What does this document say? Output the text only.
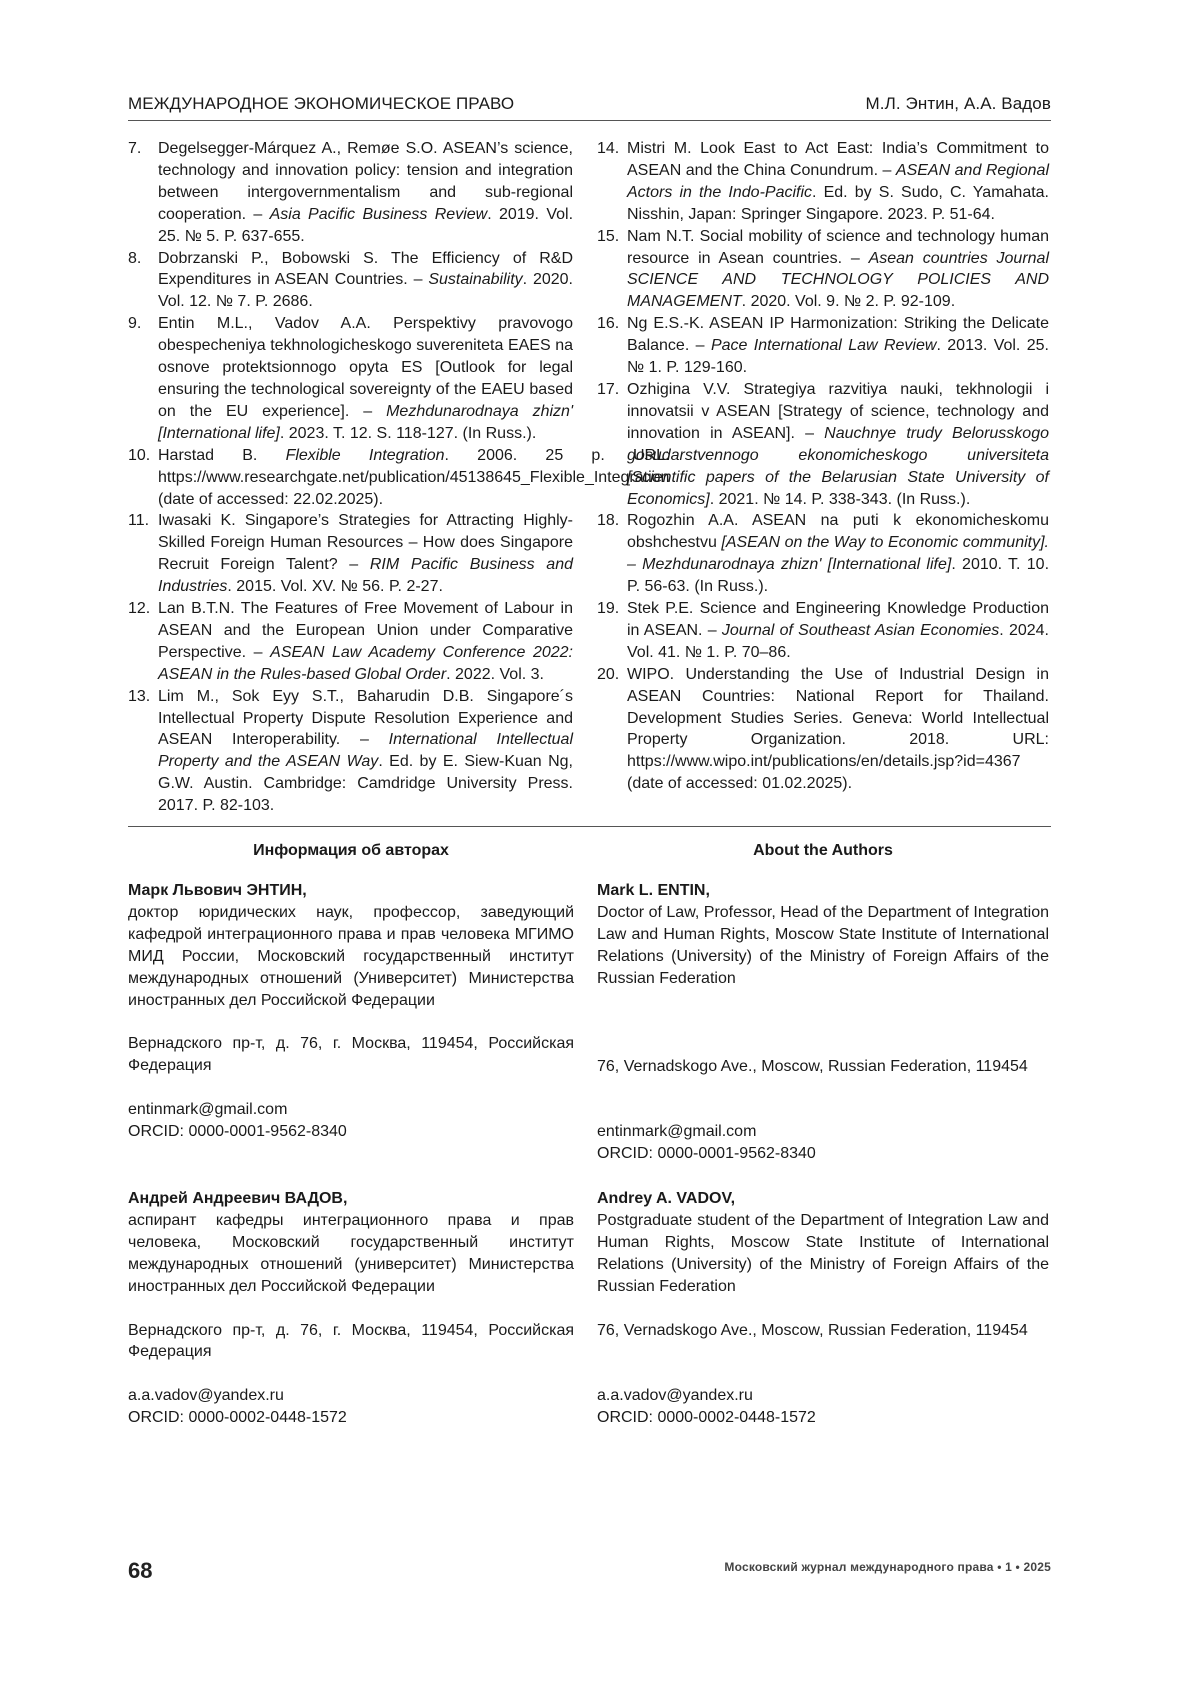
МЕЖДУНАРОДНОЕ ЭКОНОМИЧЕСКОЕ ПРАВО	М.Л. Энтин, А.А. Вадов
7.	Degelsegger-Márquez A., Remøe S.O. ASEAN’s science, technology and innovation policy: tension and integration between intergovernmentalism and sub-regional cooperation. – Asia Pacific Business Review. 2019. Vol. 25. № 5. P. 637-655.
8.	Dobrzanski P., Bobowski S. The Efficiency of R&D Expenditures in ASEAN Countries. – Sustainability. 2020. Vol. 12. № 7. P. 2686.
9.	Entin M.L., Vadov A.A. Perspektivy pravovogo obespecheniya tekhnologicheskogo suvereniteta EAES na osnove protektsionnogo opyta ES [Outlook for legal ensuring the technological sovereignty of the EAEU based on the EU experience]. – Mezhdunarodnaya zhizn' [International life]. 2023. T. 12. S. 118-127. (In Russ.).
10. Harstad B. Flexible Integration. 2006. 25 p. URL: https://www.researchgate.net/publication/45138645_Flexible_Integration (date of accessed: 22.02.2025).
11. Iwasaki K. Singapore’s Strategies for Attracting Highly-Skilled Foreign Human Resources – How does Singapore Recruit Foreign Talent? – RIM Pacific Business and Industries. 2015. Vol. XV. № 56. P. 2-27.
12. Lan B.T.N. The Features of Free Movement of Labour in ASEAN and the European Union under Comparative Perspective. – ASEAN Law Academy Conference 2022: ASEAN in the Rules-based Global Order. 2022. Vol. 3.
13. Lim M., Sok Eyy S.T., Baharudin D.B. Singapore´s Intellectual Property Dispute Resolution Experience and ASEAN Interoperability. – International Intellectual Property and the ASEAN Way. Ed. by E. Siew-Kuan Ng, G.W. Austin. Cambridge: Camdridge University Press. 2017. P. 82-103.
14. Mistri M. Look East to Act East: India’s Commitment to ASEAN and the China Conundrum. – ASEAN and Regional Actors in the Indo-Pacific. Ed. by S. Sudo, C. Yamahata. Nisshin, Japan: Springer Singapore. 2023. P. 51-64.
15. Nam N.T. Social mobility of science and technology human resource in Asean countries. – Asean countries Journal SCIENCE AND TECHNOLOGY POLICIES AND MANAGEMENT. 2020. Vol. 9. № 2. P. 92-109.
16. Ng E.S.-K. ASEAN IP Harmonization: Striking the Delicate Balance. – Pace International Law Review. 2013. Vol. 25. № 1. P. 129-160.
17. Ozhigina V.V. Strategiya razvitiya nauki, tekhnologii i innovatsii v ASEAN [Strategy of science, technology and innovation in ASEAN]. – Nauchnye trudy Belorusskogo gosudarstvennogo ekonomicheskogo universiteta [Scientific papers of the Belarusian State University of Economics]. 2021. № 14. P. 338-343. (In Russ.).
18. Rogozhin A.A. ASEAN na puti k ekonomicheskomu obshchestvu [ASEAN on the Way to Economic community]. – Mezhdunarodnaya zhizn' [International life]. 2010. T. 10. P. 56-63. (In Russ.).
19. Stek P.E. Science and Engineering Knowledge Production in ASEAN. – Journal of Southeast Asian Economies. 2024. Vol. 41. № 1. P. 70–86.
20. WIPO. Understanding the Use of Industrial Design in ASEAN Countries: National Report for Thailand. Development Studies Series. Geneva: World Intellectual Property Organization. 2018. URL: https://www.wipo.int/publications/en/details.jsp?id=4367 (date of accessed: 01.02.2025).
Информация об авторах
Марк Львович ЭНТИН,
доктор юридических наук, профессор, заведующий кафедрой интеграционного права и прав человека МГИМО МИД России, Московский государственный институт международных отношений (Университет) Министерства иностранных дел Российской Федерации
Вернадского пр-т, д. 76, г. Москва, 119454, Российская Федерация
entinmark@gmail.com
ORCID: 0000-0001-9562-8340
Андрей Андреевич ВАДОВ,
аспирант кафедры интеграционного права и прав человека, Московский государственный институт международных отношений (университет) Министерства иностранных дел Российской Федерации
Вернадского пр-т, д. 76, г. Москва, 119454, Российская Федерация
a.a.vadov@yandex.ru
ORCID: 0000-0002-0448-1572
About the Authors
Mark L. ENTIN,
Doctor of Law, Professor, Head of the Department of Integration Law and Human Rights, Moscow State Institute of International Relations (University) of the Ministry of Foreign Affairs of the Russian Federation
76, Vernadskogo Ave., Moscow, Russian Federation, 119454
entinmark@gmail.com
ORCID: 0000-0001-9562-8340
Andrey A. VADOV,
Postgraduate student of the Department of Integration Law and Human Rights, Moscow State Institute of International Relations (University) of the Ministry of Foreign Affairs of the Russian Federation
76, Vernadskogo Ave., Moscow, Russian Federation, 119454
a.a.vadov@yandex.ru
ORCID: 0000-0002-0448-1572
68	Московский журнал международного права • 1 • 2025
